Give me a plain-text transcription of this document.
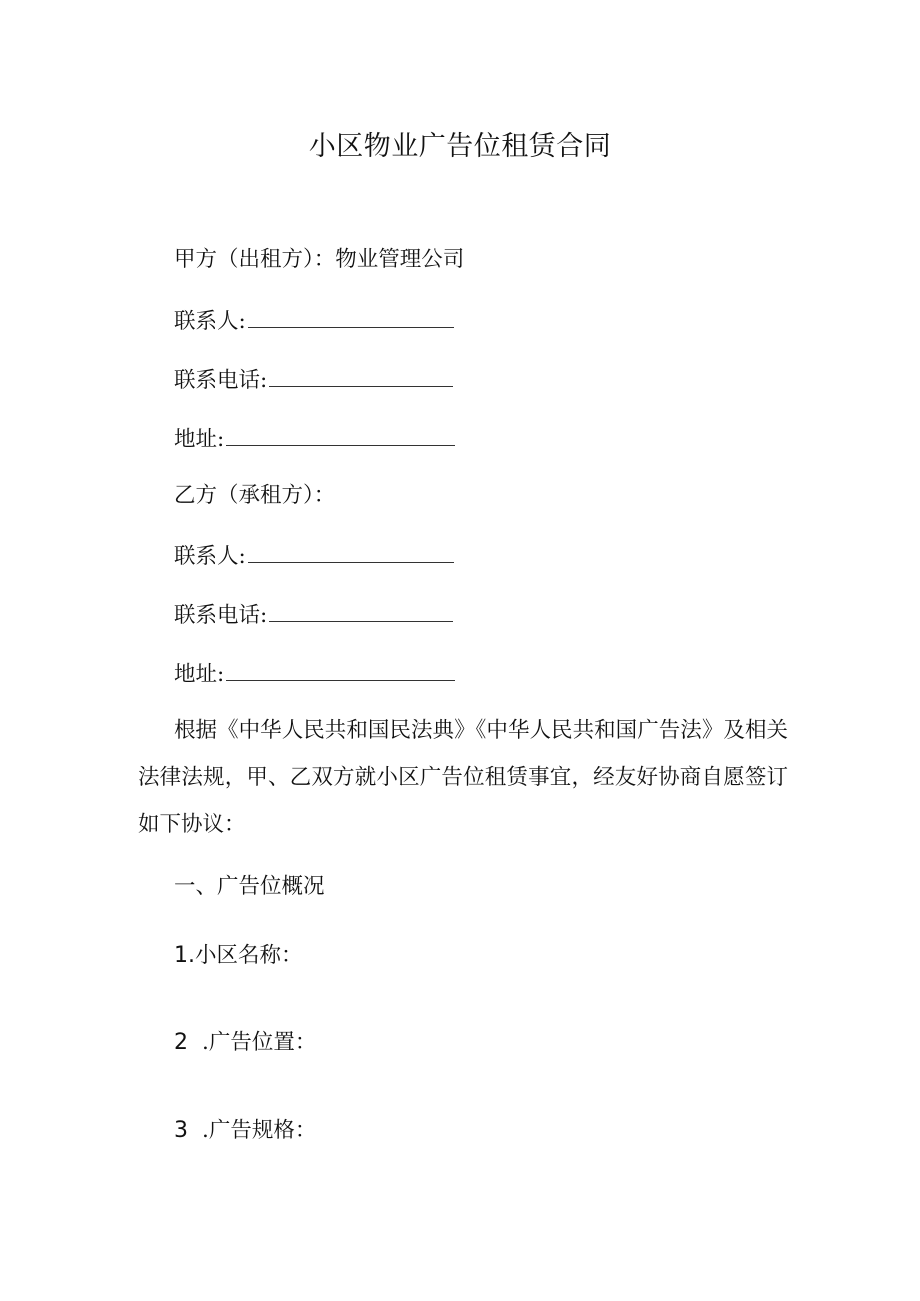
小区物业广告位租赁合同
甲方（出租方）：物业管理公司
联系人:
联系电话:
地址:
乙方（承租方）：
联系人:
联系电话:
地址:
根据《中华人民共和国民法典》《中华人民共和国广告法》及相关法律法规，甲、乙双方就小区广告位租赁事宜，经友好协商自愿签订如下协议：
一、广告位概况
1.小区名称：
2 .广告位置：
3 .广告规格：
